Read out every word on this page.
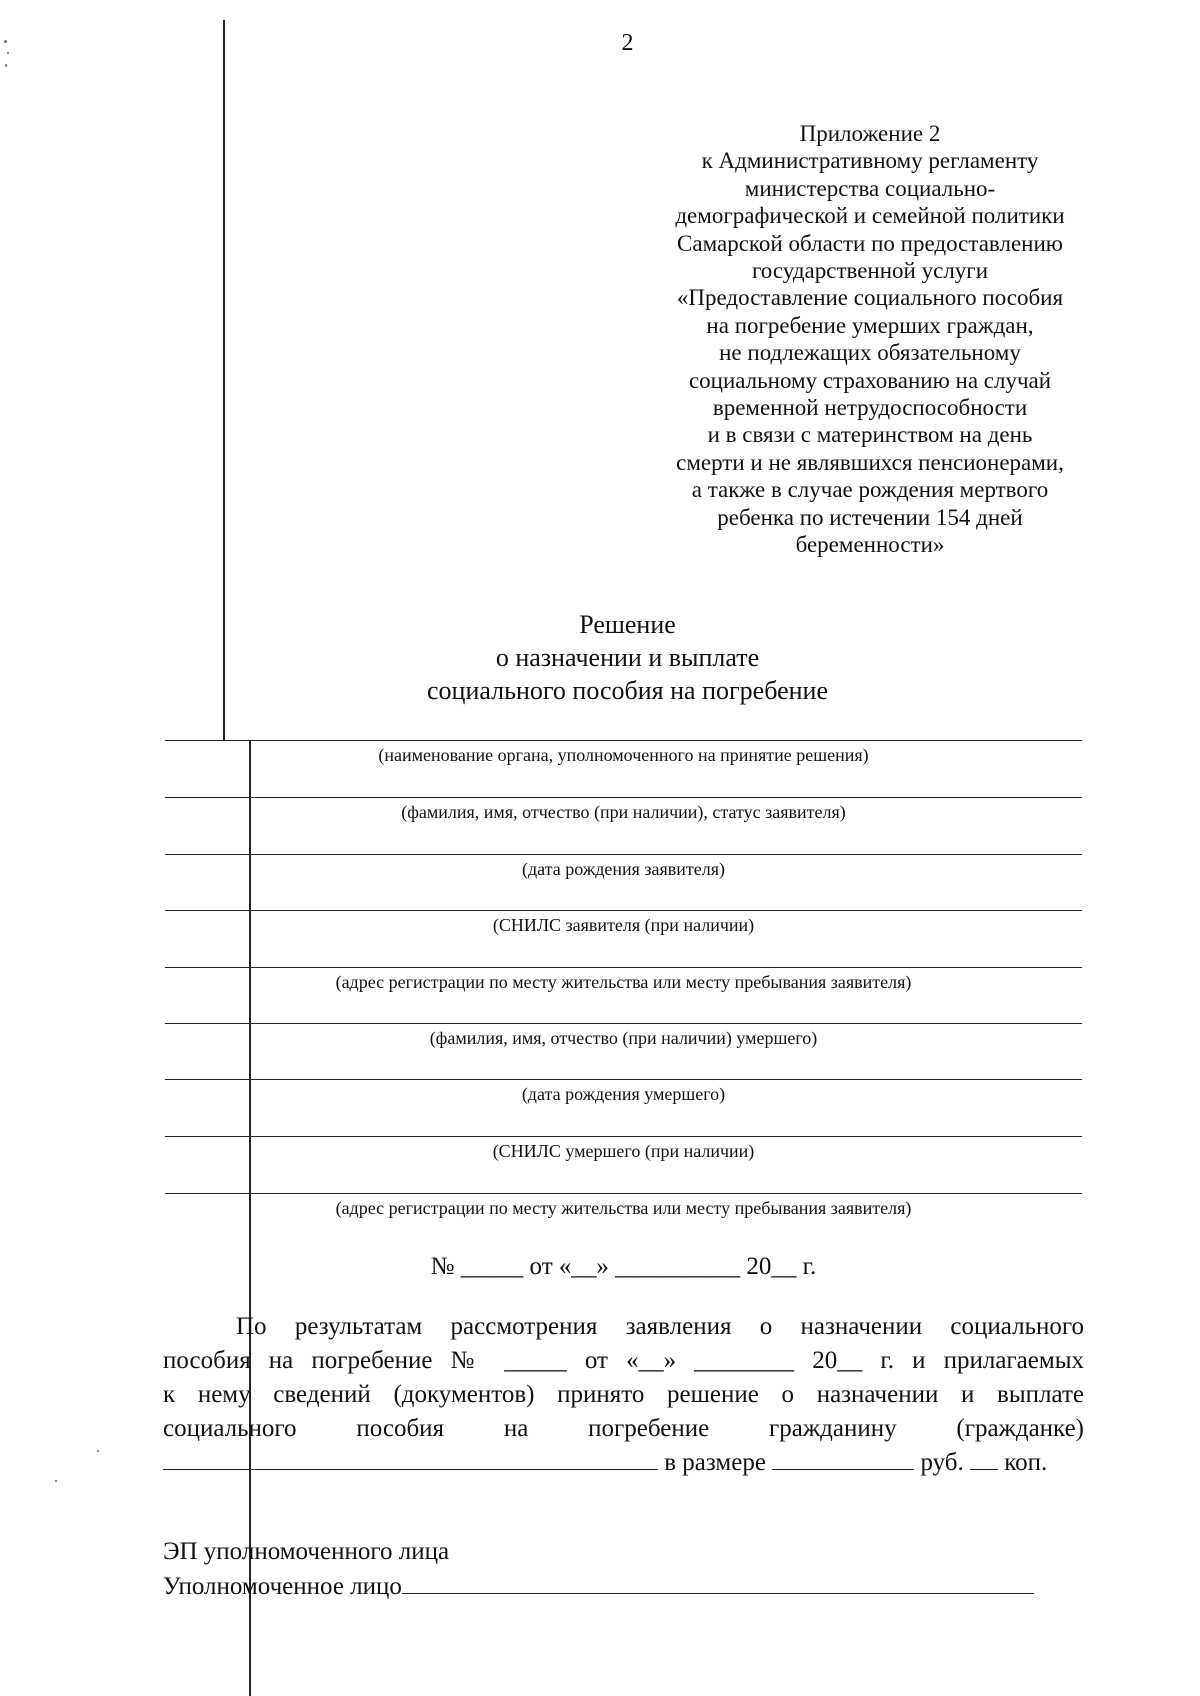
2
Приложение 2
к Административному регламенту
министерства социально-
демографической и семейной политики
Самарской области по предоставлению
государственной услуги
«Предоставление социального пособия
на погребение умерших граждан,
не подлежащих обязательному
социальному страхованию на случай
временной нетрудоспособности
и в связи с материнством на день
смерти и не являвшихся пенсионерами,
а также в случае рождения мертвого
ребенка по истечении 154 дней
беременности»
Решение
о назначении и выплате
социального пособия на погребение
(наименование органа, уполномоченного на принятие решения)
(фамилия, имя, отчество (при наличии), статус заявителя)
(дата рождения заявителя)
(СНИЛС заявителя (при наличии)
(адрес регистрации по месту жительства или месту пребывания заявителя)
(фамилия, имя, отчество (при наличии) умершего)
(дата рождения умершего)
(СНИЛС умершего (при наличии)
(адрес регистрации по месту жительства или месту пребывания заявителя)
№ _____ от «__» __________ 20__ г.
По результатам рассмотрения заявления о назначении социального
пособия на погребение № _____ от «__» ________ 20__ г. и прилагаемых
к нему сведений (документов) принято решение о назначении и выплате
социального пособия на погребение гражданину (гражданке)
в размере	руб. коп.
ЭП уполномоченного лица
Уполномоченное лицо
